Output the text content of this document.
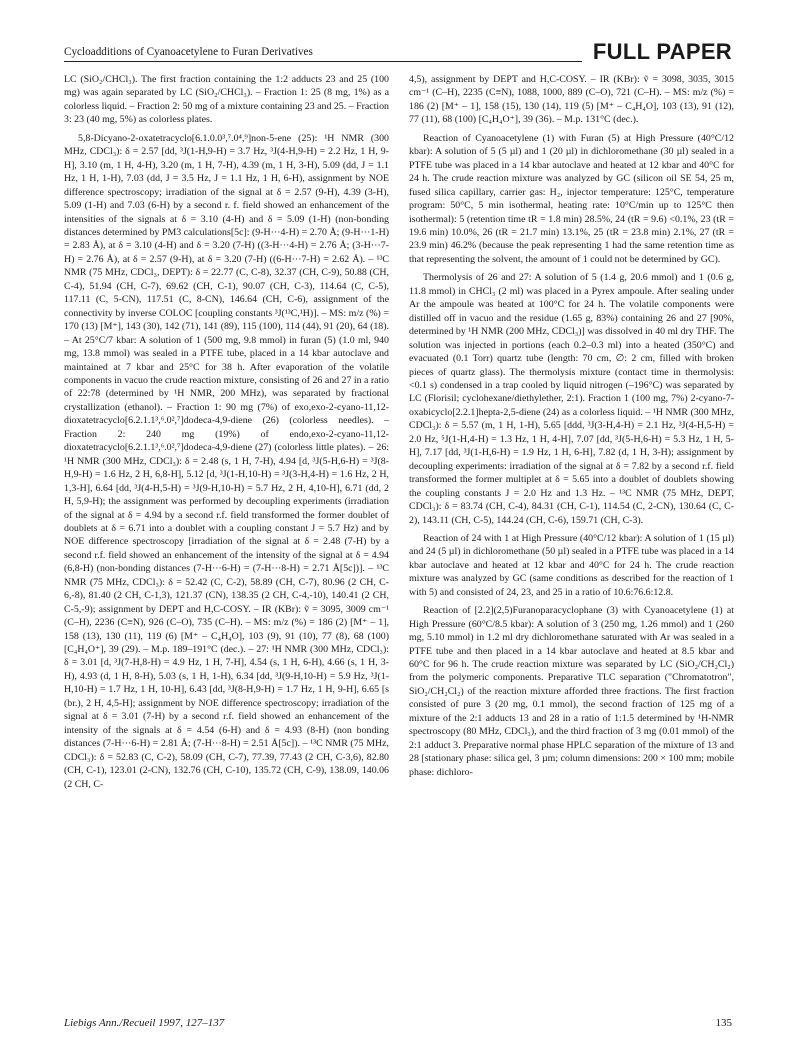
Cycloadditions of Cyanoacetylene to Furan Derivatives	FULL PAPER

LC (SiO₂/CHCl₃). The first fraction containing the 1:2 adducts 23 and 25 (100 mg) was again separated by LC (SiO₂/CHCl₃). – Fraction 1: 25 (8 mg, 1%) as a colorless liquid. – Fraction 2: 50 mg of a mixture containing 23 and 25. – Fraction 3: 23 (40 mg, 5%) as colorless plates.

5,8-Dicyano-2-oxatetracyclo[6.1.0.0³,⁷.0⁴,⁹]non-5-ene (25): ¹H NMR (300 MHz, CDCl₃): δ = 2.57 [dd, ³J(1-H,9-H) = 3.7 Hz, ³J(4-H,9-H) = 2.2 Hz, 1 H, 9-H], 3.10 (m, 1 H, 4-H), 3.20 (m, 1 H, 7-H), 4.39 (m, 1 H, 3-H), 5.09 (dd, J = 1.1 Hz, 1 H, 1-H), 7.03 (dd, J = 3.5 Hz, J = 1.1 Hz, 1 H, 6-H), assignment by NOE difference spectroscopy; irradiation of the signal at δ = 2.57 (9-H), 4.39 (3-H), 5.09 (1-H) and 7.03 (6-H) by a second r. f. field showed an enhancement of the intensities of the signals at δ = 3.10 (4-H) and δ = 5.09 (1-H) (non-bonding distances determined by PM3 calculations[5c]: (9-H···4-H) = 2.70 Å; (9-H···1-H) = 2.83 Å), at δ = 3.10 (4-H) and δ = 3.20 (7-H) ((3-H···4-H) = 2.76 Å; (3-H···7-H) = 2.76 Å), at δ = 2.57 (9-H), at δ = 3.20 (7-H) ((6-H···7-H) = 2.62 Å). – ¹³C NMR (75 MHz, CDCl₃, DEPT): δ = 22.77 (C, C-8), 32.37 (CH, C-9), 50.88 (CH, C-4), 51.94 (CH, C-7), 69.62 (CH, C-1), 90.07 (CH, C-3), 114.64 (C, C-5), 117.11 (C, 5-CN), 117.51 (C, 8-CN), 146.64 (CH, C-6), assignment of the connectivity by inverse COLOC [coupling constants ³J(¹³C,¹H)]. – MS: m/z (%) = 170 (13) [M⁺], 143 (30), 142 (71), 141 (89), 115 (100), 114 (44), 91 (20), 64 (18). – At 25°C/7 kbar: A solution of 1 (500 mg, 9.8 mmol) in furan (5) (1.0 ml, 940 mg, 13.8 mmol) was sealed in a PTFE tube, placed in a 14 kbar autoclave and maintained at 7 kbar and 25°C for 38 h. After evaporation of the volatile components in vacuo the crude reaction mixture, consisting of 26 and 27 in a ratio of 22:78 (determined by ¹H NMR, 200 MHz), was separated by fractional crystallization (ethanol). – Fraction 1: 90 mg (7%) of exo,exo-2-cyano-11,12-dioxatetracyclo[6.2.1.1³,⁶.0²,⁷]dodeca-4,9-diene (26) (colorless needles). – Fraction 2: 240 mg (19%) of endo,exo-2-cyano-11,12-dioxatetracyclo[6.2.1.1³,⁶.0²,⁷]dodeca-4,9-diene (27) (colorless little plates). – 26: ¹H NMR (300 MHz, CDCl₃): δ = 2.48 (s, 1 H, 7-H), 4.94 [d, ³J(5-H,6-H) = ³J(8-H,9-H) = 1.6 Hz, 2 H, 6,8-H], 5.12 [d, ³J(1-H,10-H) = ³J(3-H,4-H) = 1.6 Hz, 2 H, 1,3-H], 6.64 [dd, ³J(4-H,5-H) = ³J(9-H,10-H) = 5.7 Hz, 2 H, 4,10-H], 6.71 (dd, 2 H, 5,9-H); the assignment was performed by decoupling experiments (irradiation of the signal at δ = 4.94 by a second r.f. field transformed the former doublet of doublets at δ = 6.71 into a doublet with a coupling constant J = 5.7 Hz) and by NOE difference spectroscopy [irradiation of the signal at δ = 2.48 (7-H) by a second r.f. field showed an enhancement of the intensity of the signal at δ = 4.94 (6,8-H) (non-bonding distances (7-H···6-H) = (7-H···8-H) = 2.71 Å[5c])]. – ¹³C NMR (75 MHz, CDCl₃): δ = 52.42 (C, C-2), 58.89 (CH, C-7), 80.96 (2 CH, C-6,-8), 81.40 (2 CH, C-1,3), 121.37 (CN), 138.35 (2 CH, C-4,-10), 140.41 (2 CH, C-5,-9); assignment by DEPT and H,C-COSY. – IR (KBr): ṽ = 3095, 3009 cm⁻¹ (C–H), 2236 (C≡N), 926 (C–O), 735 (C–H). – MS: m/z (%) = 186 (2) [M⁺ – 1], 158 (13), 130 (11), 119 (6) [M⁺ – C₄H₄O], 103 (9), 91 (10), 77 (8), 68 (100) [C₄H₄O⁺], 39 (29). – M.p. 189–191°C (dec.). – 27: ¹H NMR (300 MHz, CDCl₃): δ = 3.01 [d, ³J(7-H,8-H) = 4.9 Hz, 1 H, 7-H], 4.54 (s, 1 H, 6-H), 4.66 (s, 1 H, 3-H), 4.93 (d, 1 H, 8-H), 5.03 (s, 1 H, 1-H), 6.34 [dd, ³J(9-H,10-H) = 5.9 Hz, ³J(1-H,10-H) = 1.7 Hz, 1 H, 10-H], 6.43 [dd, ³J(8-H,9-H) = 1.7 Hz, 1 H, 9-H], 6.65 [s (br.), 2 H, 4,5-H]; assignment by NOE difference spectroscopy; irradiation of the signal at δ = 3.01 (7-H) by a second r.f. field showed an enhancement of the intensity of the signals at δ = 4.54 (6-H) and δ = 4.93 (8-H) (non bonding distances (7-H···6-H) = 2.81 Å; (7-H···8-H) = 2.51 Å[5c]). – ¹³C NMR (75 MHz, CDCl₃): δ = 52.83 (C, C-2), 58.09 (CH, C-7), 77.39, 77.43 (2 CH, C-3,6), 82.80 (CH, C-1), 123.01 (2-CN), 132.76 (CH, C-10), 135.72 (CH, C-9), 138.09, 140.06 (2 CH, C-

4,5), assignment by DEPT and H,C-COSY. – IR (KBr): ṽ = 3098, 3035, 3015 cm⁻¹ (C–H), 2235 (C≡N), 1088, 1000, 889 (C–O), 721 (C–H). – MS: m/z (%) = 186 (2) [M⁺ – 1], 158 (15), 130 (14), 119 (5) [M⁺ – C₄H₄O], 103 (13), 91 (12), 77 (11), 68 (100) [C₄H₄O⁺], 39 (36). – M.p. 131°C (dec.).

Reaction of Cyanoacetylene (1) with Furan (5) at High Pressure (40°C/12 kbar): A solution of 5 (5 µl) and 1 (20 µl) in dichloromethane (30 µl) sealed in a PTFE tube was placed in a 14 kbar autoclave and heated at 12 kbar and 40°C for 24 h. The crude reaction mixture was analyzed by GC (silicon oil SE 54, 25 m, fused silica capillary, carrier gas: H₂, injector temperature: 125°C, temperature program: 50°C, 5 min isothermal, heating rate: 10°C/min up to 125°C then isothermal): 5 (retention time tR = 1.8 min) 28.5%, 24 (tR = 9.6) <0.1%, 23 (tR = 19.6 min) 10.0%, 26 (tR = 21.7 min) 13.1%, 25 (tR = 23.8 min) 2.1%, 27 (tR = 23.9 min) 46.2% (because the peak representing 1 had the same retention time as that representing the solvent, the amount of 1 could not be determined by GC).

Thermolysis of 26 and 27: A solution of 5 (1.4 g, 20.6 mmol) and 1 (0.6 g, 11.8 mmol) in CHCl₃ (2 ml) was placed in a Pyrex ampoule. After sealing under Ar the ampoule was heated at 100°C for 24 h. The volatile components were distilled off in vacuo and the residue (1.65 g, 83%) containing 26 and 27 [90%, determined by ¹H NMR (200 MHz, CDCl₃)] was dissolved in 40 ml dry THF. The solution was injected in portions (each 0.2–0.3 ml) into a heated (350°C) and evacuated (0.1 Torr) quartz tube (length: 70 cm, ∅: 2 cm, filled with broken pieces of quartz glass). The thermolysis mixture (contact time in thermolysis: <0.1 s) condensed in a trap cooled by liquid nitrogen (–196°C) was separated by LC (Florisil; cyclohexane/diethylether, 2:1). Fraction 1 (100 mg, 7%) 2-cyano-7-oxabicyclo[2.2.1]hepta-2,5-diene (24) as a colorless liquid. – ¹H NMR (300 MHz, CDCl₃): δ = 5.57 (m, 1 H, 1-H), 5.65 [ddd, ³J(3-H,4-H) = 2.1 Hz, ³J(4-H,5-H) = 2.0 Hz, ⁵J(1-H,4-H) = 1.3 Hz, 1 H, 4-H], 7.07 [dd, ³J(5-H,6-H) = 5.3 Hz, 1 H, 5-H], 7.17 [dd, ³J(1-H,6-H) = 1.9 Hz, 1 H, 6-H], 7.82 (d, 1 H, 3-H); assignment by decoupling experiments: irradiation of the signal at δ = 7.82 by a second r.f. field transformed the former multiplet at δ = 5.65 into a doublet of doublets showing the coupling constants J = 2.0 Hz and 1.3 Hz. – ¹³C NMR (75 MHz, DEPT, CDCl₃): δ = 83.74 (CH, C-4), 84.31 (CH, C-1), 114.54 (C, 2-CN), 130.64 (C, C-2), 143.11 (CH, C-5), 144.24 (CH, C-6), 159.71 (CH, C-3).

Reaction of 24 with 1 at High Pressure (40°C/12 kbar): A solution of 1 (15 µl) and 24 (5 µl) in dichloromethane (50 µl) sealed in a PTFE tube was placed in a 14 kbar autoclave and heated at 12 kbar and 40°C for 24 h. The crude reaction mixture was analyzed by GC (same conditions as described for the reaction of 1 with 5) and consisted of 24, 23, and 25 in a ratio of 10.6:76.6:12.8.

Reaction of [2.2](2,5)Furanoparacyclophane (3) with Cyanoacetylene (1) at High Pressure (60°C/8.5 kbar): A solution of 3 (250 mg, 1.26 mmol) and 1 (260 mg, 5.10 mmol) in 1.2 ml dry dichloromethane saturated with Ar was sealed in a PTFE tube and then placed in a 14 kbar autoclave and heated at 8.5 kbar and 60°C for 96 h. The crude reaction mixture was separated by LC (SiO₂/CH₂Cl₂) from the polymeric components. Preparative TLC separation ("Chromatotron", SiO₂/CH₂Cl₂) of the reaction mixture afforded three fractions. The first fraction consisted of pure 3 (20 mg, 0.1 mmol), the second fraction of 125 mg of a mixture of the 2:1 adducts 13 and 28 in a ratio of 1:1.5 determined by ¹H-NMR spectroscopy (80 MHz, CDCl₃), and the third fraction of 3 mg (0.01 mmol) of the 2:1 adduct 3. Preparative normal phase HPLC separation of the mixture of 13 and 28 [stationary phase: silica gel, 3 µm; column dimensions: 200 × 100 mm; mobile phase: dichloro-

Liebigs Ann./Recueil 1997, 127–137	135
